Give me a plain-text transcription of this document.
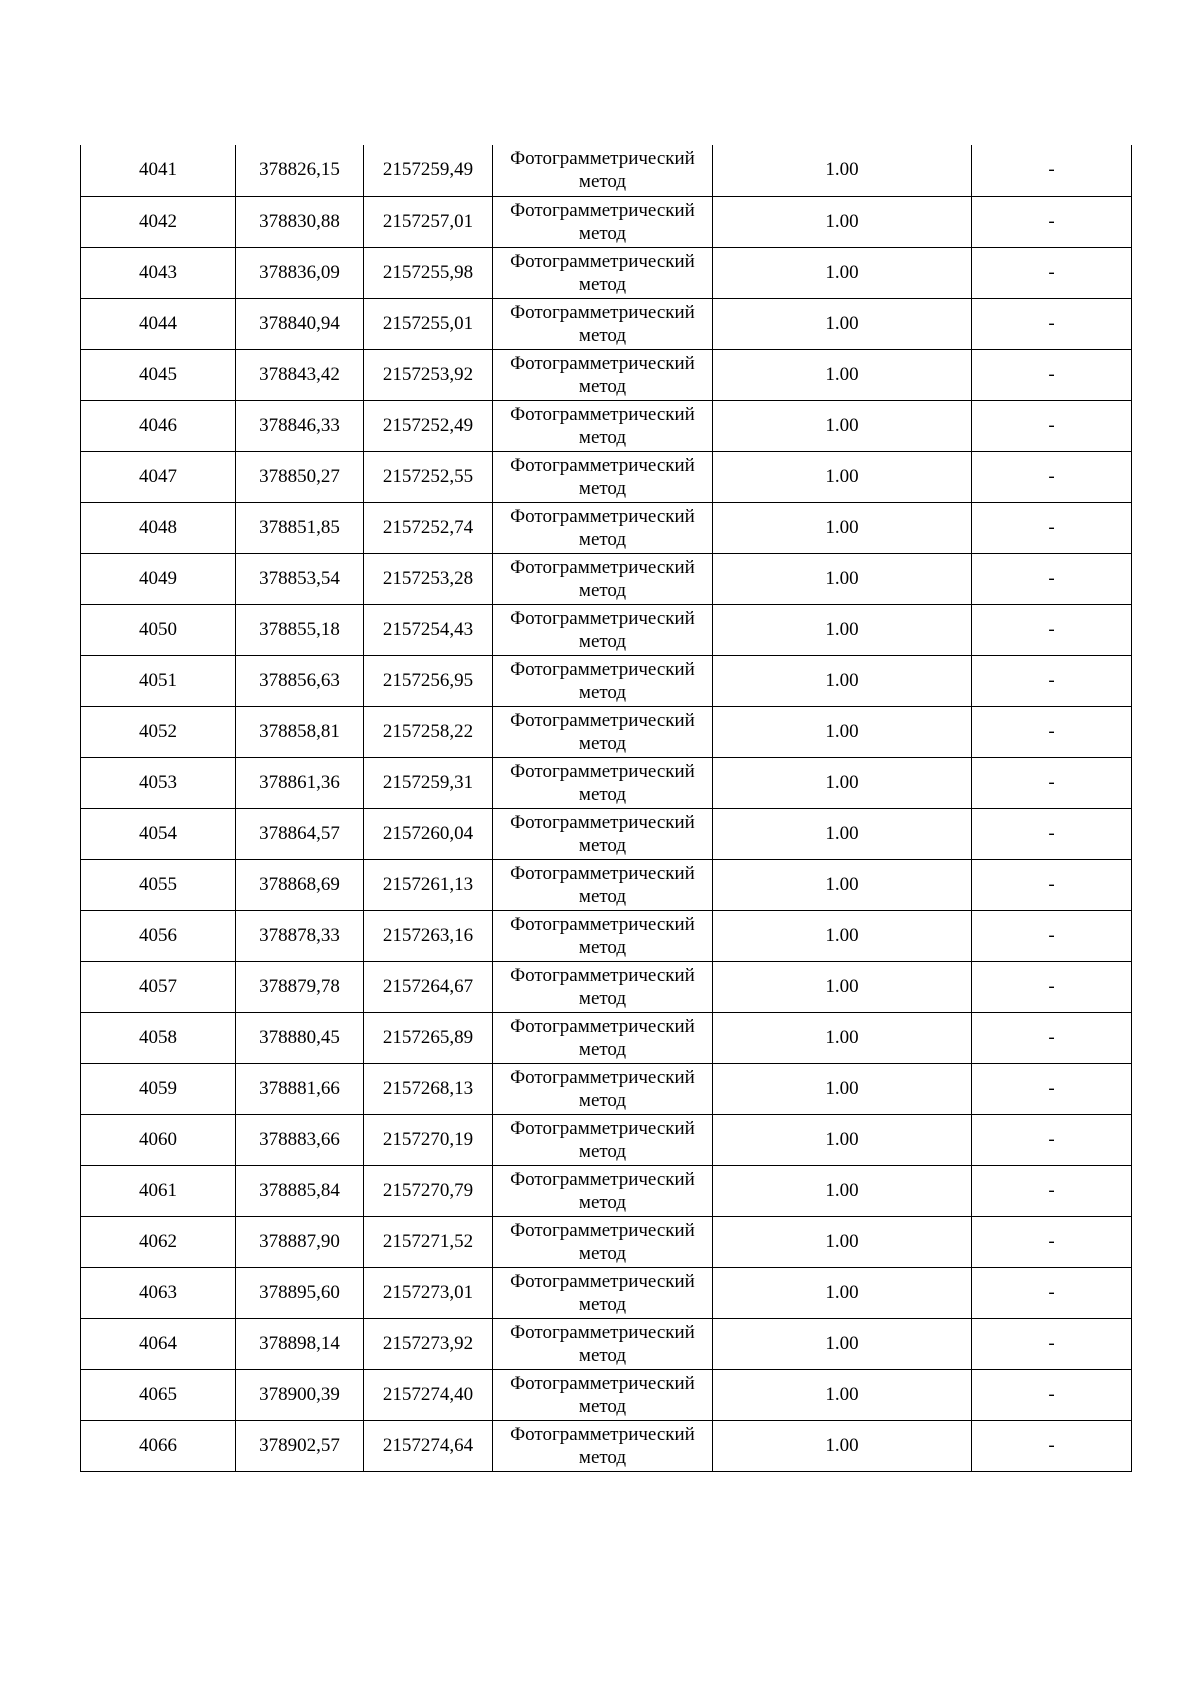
4041	378826,15	2157259,49	Фотограмметрический метод	1.00	-
4042	378830,88	2157257,01	Фотограмметрический метод	1.00	-
4043	378836,09	2157255,98	Фотограмметрический метод	1.00	-
4044	378840,94	2157255,01	Фотограмметрический метод	1.00	-
4045	378843,42	2157253,92	Фотограмметрический метод	1.00	-
4046	378846,33	2157252,49	Фотограмметрический метод	1.00	-
4047	378850,27	2157252,55	Фотограмметрический метод	1.00	-
4048	378851,85	2157252,74	Фотограмметрический метод	1.00	-
4049	378853,54	2157253,28	Фотограмметрический метод	1.00	-
4050	378855,18	2157254,43	Фотограмметрический метод	1.00	-
4051	378856,63	2157256,95	Фотограмметрический метод	1.00	-
4052	378858,81	2157258,22	Фотограмметрический метод	1.00	-
4053	378861,36	2157259,31	Фотограмметрический метод	1.00	-
4054	378864,57	2157260,04	Фотограмметрический метод	1.00	-
4055	378868,69	2157261,13	Фотограмметрический метод	1.00	-
4056	378878,33	2157263,16	Фотограмметрический метод	1.00	-
4057	378879,78	2157264,67	Фотограмметрический метод	1.00	-
4058	378880,45	2157265,89	Фотограмметрический метод	1.00	-
4059	378881,66	2157268,13	Фотограмметрический метод	1.00	-
4060	378883,66	2157270,19	Фотограмметрический метод	1.00	-
4061	378885,84	2157270,79	Фотограмметрический метод	1.00	-
4062	378887,90	2157271,52	Фотограмметрический метод	1.00	-
4063	378895,60	2157273,01	Фотограмметрический метод	1.00	-
4064	378898,14	2157273,92	Фотограмметрический метод	1.00	-
4065	378900,39	2157274,40	Фотограмметрический метод	1.00	-
4066	378902,57	2157274,64	Фотограмметрический метод	1.00	-
